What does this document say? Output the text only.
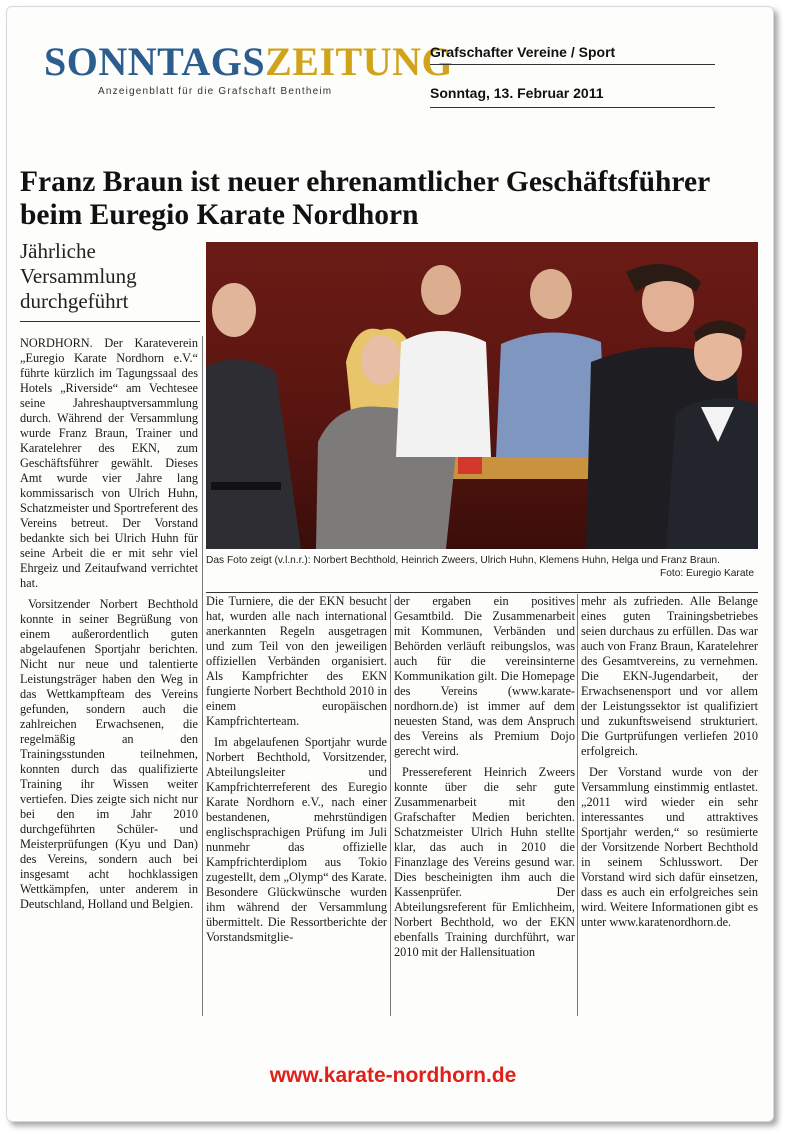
SONNTAGSZEITUNG
Anzeigenblatt für die Grafschaft Bentheim
Grafschafter Vereine / Sport
Sonntag, 13. Februar 2011
Franz Braun ist neuer ehrenamtlicher Geschäftsführer beim Euregio Karate Nordhorn
Jährliche Versammlung durchgeführt
Das Foto zeigt (v.l.n.r.): Norbert Bechthold, Heinrich Zweers, Ulrich Huhn, Klemens Huhn, Helga und Franz Braun.
Foto: Euregio Karate

NORDHORN. Der Karateverein „Euregio Karate Nordhorn e.V.“ führte kürzlich im Tagungssaal des Hotels „Riverside“ am Vechtesee seine Jahreshauptversammlung durch. Während der Versammlung wurde Franz Braun, Trainer und Karatelehrer des EKN, zum Geschäftsführer gewählt. Dieses Amt wurde vier Jahre lang kommissarisch von Ulrich Huhn, Schatzmeister und Sportreferent des Vereins betreut. Der Vorstand bedankte sich bei Ulrich Huhn für seine Arbeit die er mit sehr viel Ehrgeiz und Zeitaufwand verrichtet hat.

Vorsitzender Norbert Bechthold konnte in seiner Begrüßung von einem außerordentlich guten abgelaufenen Sportjahr berichten. Nicht nur neue und talentierte Leistungsträger haben den Weg in das Wettkampfteam des Vereins gefunden, sondern auch die zahlreichen Erwachsenen, die regelmäßig an den Trainingsstunden teilnehmen, konnten durch das qualifizierte Training ihr Wissen weiter vertiefen. Dies zeigte sich nicht nur bei den im Jahr 2010 durchgeführten Schüler- und Meisterprüfungen (Kyu und Dan) des Vereins, sondern auch bei insgesamt acht hochklassigen Wettkämpfen, unter anderem in Deutschland, Holland und Belgien.

Die Turniere, die der EKN besucht hat, wurden alle nach international anerkannten Regeln ausgetragen und zum Teil von den jeweiligen offiziellen Verbänden organisiert. Als Kampfrichter des EKN fungierte Norbert Bechthold 2010 in einem europäischen Kampfrichterteam.

Im abgelaufenen Sportjahr wurde Norbert Bechthold, Vorsitzender, Abteilungsleiter und Kampfrichterreferent des Euregio Karate Nordhorn e.V., nach einer bestandenen, mehrstündigen englischsprachigen Prüfung im Juli nunmehr das offizielle Kampfrichterdiplom aus Tokio zugestellt, dem „Olymp“ des Karate. Besondere Glückwünsche wurden ihm während der Versammlung übermittelt. Die Ressortberichte der Vorstandsmitglie-

der ergaben ein positives Gesamtbild. Die Zusammenarbeit mit Kommunen, Verbänden und Behörden verläuft reibungslos, was auch für die vereinsinterne Kommunikation gilt. Die Homepage des Vereins (www.karate-nordhorn.de) ist immer auf dem neuesten Stand, was dem Anspruch des Vereins als Premium Dojo gerecht wird.

Pressereferent Heinrich Zweers konnte über die sehr gute Zusammenarbeit mit den Grafschafter Medien berichten. Schatzmeister Ulrich Huhn stellte klar, das auch in 2010 die Finanzlage des Vereins gesund war. Dies bescheinigten ihm auch die Kassenprüfer. Der Abteilungsreferent für Emlichheim, Norbert Bechthold, wo der EKN ebenfalls Training durchführt, war 2010 mit der Hallensituation

mehr als zufrieden. Alle Belange eines guten Trainingsbetriebes seien durchaus zu erfüllen. Das war auch von Franz Braun, Karatelehrer des Gesamtvereins, zu vernehmen. Die EKN-Jugendarbeit, der Erwachsenensport und vor allem der Leistungssektor ist qualifiziert und zukunftsweisend strukturiert. Die Gurtprüfungen verliefen 2010 erfolgreich.

Der Vorstand wurde von der Versammlung einstimmig entlastet. „2011 wird wieder ein sehr interessantes und attraktives Sportjahr werden,“ so resümierte der Vorsitzende Norbert Bechthold in seinem Schlusswort. Der Vorstand wird sich dafür einsetzen, dass es auch ein erfolgreiches sein wird. Weitere Informationen gibt es unter www.karatenordhorn.de.

www.karate-nordhorn.de
